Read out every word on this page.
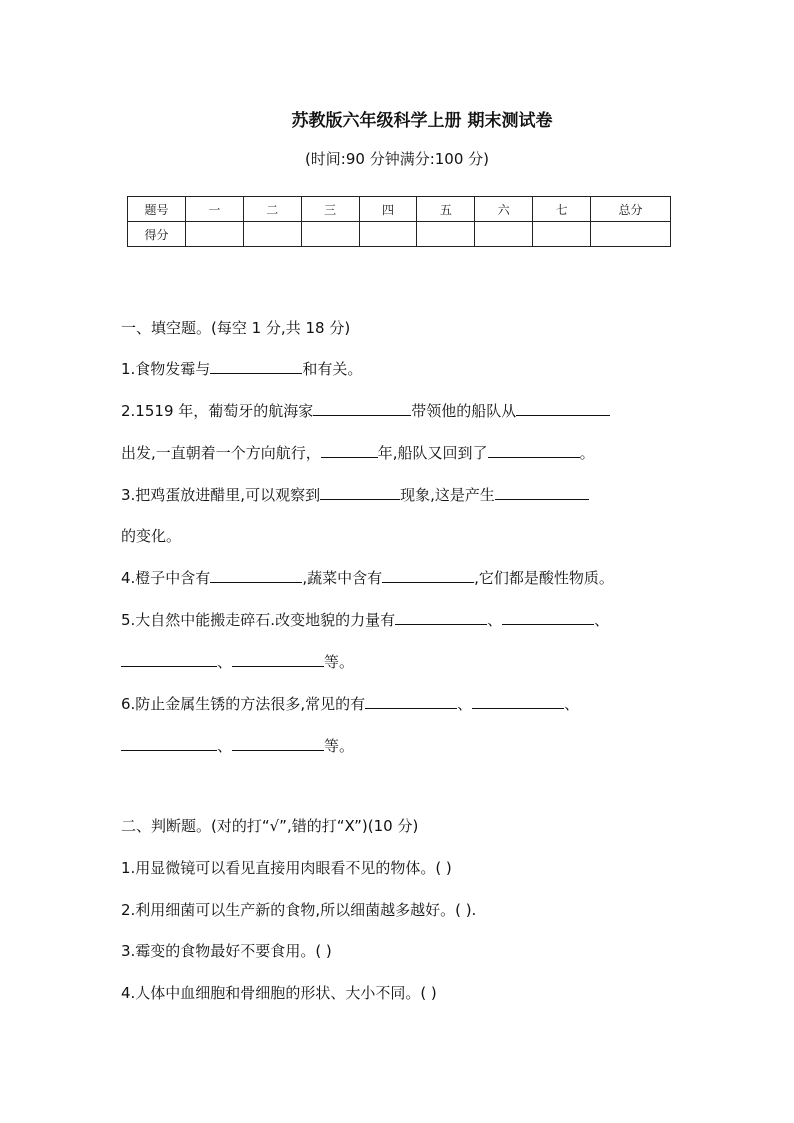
苏教版六年级科学上册 期末测试卷
(时间:90 分钟满分:100 分)
题号	一	二	三	四	五	六	七	总分
得分								
一、填空题。(每空 1 分,共 18 分)
1.食物发霉与	和有关。
2.1519 年，葡萄牙的航海家	带领他的船队从
出发,一直朝着一个方向航行，	年,船队又回到了	。
3.把鸡蛋放进醋里,可以观察到	现象,这是产生
的变化。
4.橙子中含有	,蔬菜中含有	,它们都是酸性物质。
5.大自然中能搬走碎石.改变地貌的力量有	、	、
、	等。
6.防止金属生锈的方法很多,常见的有	、	、
、	等。
二、判断题。(对的打“√”,错的打“X”)(10 分)
1.用显微镜可以看见直接用肉眼看不见的物体。( )
2.利用细菌可以生产新的食物,所以细菌越多越好。( ).
3.霉变的食物最好不要食用。( )
4.人体中血细胞和骨细胞的形状、大小不同。( )
